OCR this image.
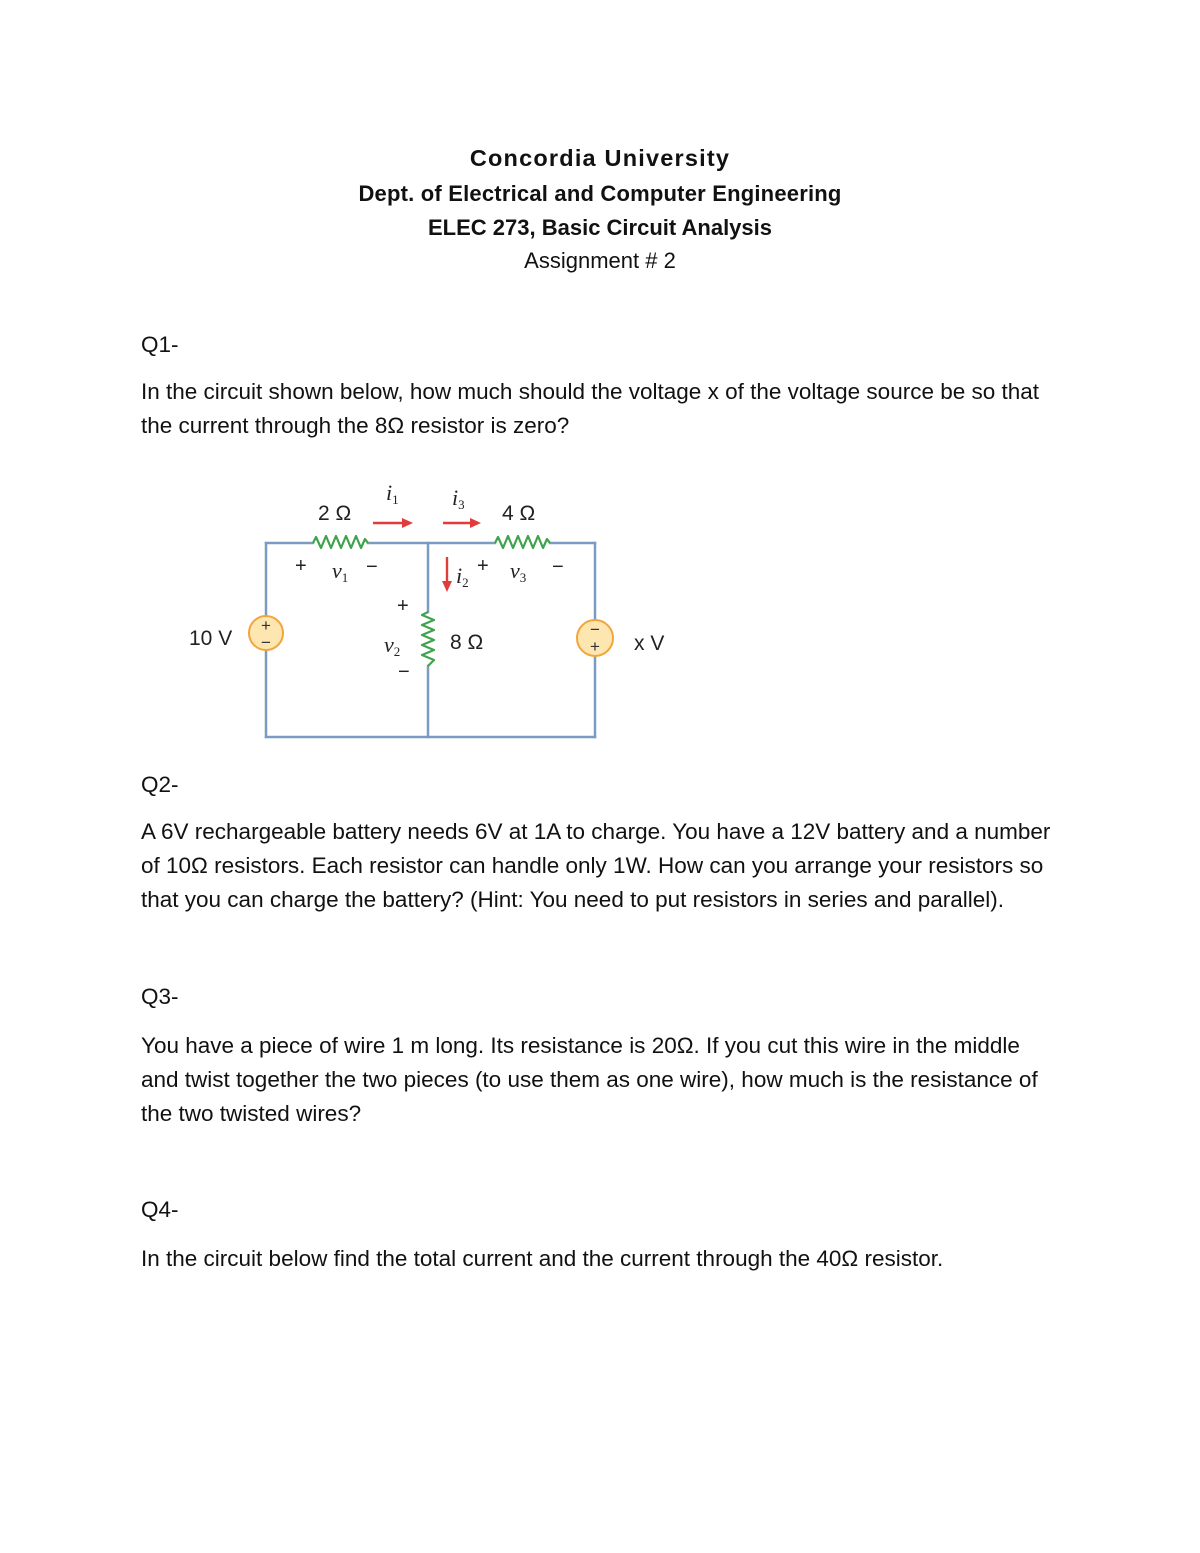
Concordia University
Dept. of Electrical and Computer Engineering
ELEC 273, Basic Circuit Analysis
Assignment # 2
Q1-
In the circuit shown below, how much should the voltage x of the voltage source be so that
the current through the 8Ω resistor is zero?
+
−
−
+
10 V	x V
2 Ω	4 Ω
8 Ω
i1 i3
i2
+ v1 −	+ v3 −
+
v2
−
Q2-
A 6V rechargeable battery needs 6V at 1A to charge. You have a 12V battery and a number
of 10Ω resistors. Each resistor can handle only 1W. How can you arrange your resistors so
that you can charge the battery? (Hint: You need to put resistors in series and parallel).
Q3-
You have a piece of wire 1 m long. Its resistance is 20Ω. If you cut this wire in the middle
and twist together the two pieces (to use them as one wire), how much is the resistance of
the two twisted wires?
Q4-
In the circuit below find the total current and the current through the 40Ω resistor.
